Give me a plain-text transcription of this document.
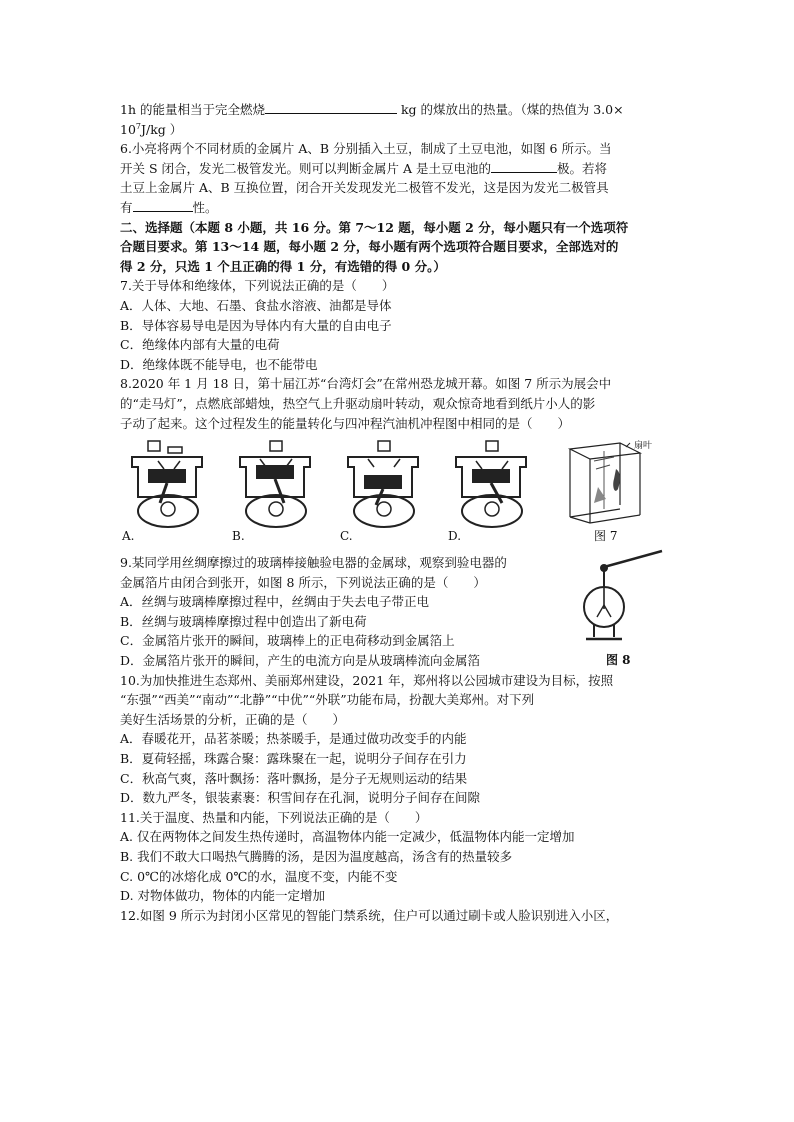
1h 的能量相当于完全燃烧	kg 的煤放出的热量。（煤的热值为 3.0×
$10^7J/kg$ ）
6.小亮将两个不同材质的金属片 A、B 分别插入土豆，制成了土豆电池，如图 6 所示。当
开关 S 闭合，发光二极管发光。则可以判断金属片 A 是土豆电池的	极。若将
土豆上金属片 A、B 互换位置，闭合开关发现发光二极管不发光，这是因为发光二极管具
有	性。
二、选择题（本题 8 小题，共 16 分。第 7～12 题，每小题 2 分，每小题只有一个选项符
合题目要求。第 13～14 题，每小题 2 分，每小题有两个选项符合题目要求，全部选对的
得 2 分，只选 1 个且正确的得 1 分，有选错的得 0 分。）
7.关于导体和绝缘体，下列说法正确的是（　　）
A．人体、大地、石墨、食盐水溶液、油都是导体
B．导体容易导电是因为导体内有大量的自由电子
C．绝缘体内部有大量的电荷
D．绝缘体既不能导电，也不能带电
8.2020 年 1 月 18 日，第十届江苏“台湾灯会”在常州恐龙城开幕。如图 7 所示为展会中
的“走马灯”，点燃底部蜡烛，热空气上升驱动扇叶转动，观众惊奇地看到纸片小人的影
子动了起来。这个过程发生的能量转化与四冲程汽油机冲程图中相同的是（　　）
A.	B.	C.	D.
扇叶
图 7
9.某同学用丝绸摩擦过的玻璃棒接触验电器的金属球，观察到验电器的
金属箔片由闭合到张开，如图 8 所示，下列说法正确的是（　　）
A．丝绸与玻璃棒摩擦过程中，丝绸由于失去电子带正电
B．丝绸与玻璃棒摩擦过程中创造出了新电荷
C．金属箔片张开的瞬间，玻璃棒上的正电荷移动到金属箔上
D．金属箔片张开的瞬间，产生的电流方向是从玻璃棒流向金属箔	图 8
10.为加快推进生态郑州、美丽郑州建设，2021 年，郑州将以公园城市建设为目标，按照
“东强”“西美”“南动”“北静”“中优”“外联”功能布局，扮靓大美郑州。对下列
美好生活场景的分析，正确的是（　　）
A．春暖花开，品茗茶暖；热茶暖手，是通过做功改变手的内能
B．夏荷轻摇，珠露合聚：露珠聚在一起，说明分子间存在引力
C．秋高气爽，落叶飘扬：落叶飘扬，是分子无规则运动的结果
D．数九严冬，银装素裹：积雪间存在孔洞，说明分子间存在间隙
11.关于温度、热量和内能，下列说法正确的是（　　）
A. 仅在两物体之间发生热传递时，高温物体内能一定减少，低温物体内能一定增加
B. 我们不敢大口喝热气腾腾的汤，是因为温度越高，汤含有的热量较多
C. 0℃的冰熔化成 0℃的水，温度不变，内能不变
D. 对物体做功，物体的内能一定增加
12.如图 9 所示为封闭小区常见的智能门禁系统，住户可以通过刷卡或人脸识别进入小区，
